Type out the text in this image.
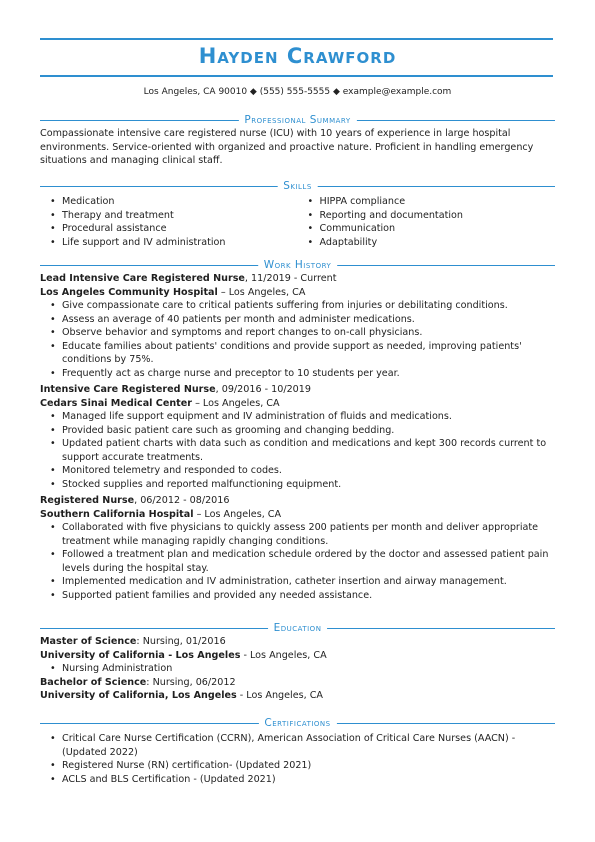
Hayden Crawford
Los Angeles, CA 90010 ◆ (555) 555-5555 ◆ example@example.com
Professional Summary
Compassionate intensive care registered nurse (ICU) with 10 years of experience in large hospital environments. Service-oriented with organized and proactive nature. Proficient in handling emergency situations and managing clinical staff.
Skills
• Medication
• Therapy and treatment
• Procedural assistance
• Life support and IV administration
• HIPPA compliance
• Reporting and documentation
• Communication
• Adaptability
Work History
Lead Intensive Care Registered Nurse, 11/2019 - Current
Los Angeles Community Hospital – Los Angeles, CA
• Give compassionate care to critical patients suffering from injuries or debilitating conditions.
• Assess an average of 40 patients per month and administer medications.
• Observe behavior and symptoms and report changes to on-call physicians.
• Educate families about patients' conditions and provide support as needed, improving patients' conditions by 75%.
• Frequently act as charge nurse and preceptor to 10 students per year.
Intensive Care Registered Nurse, 09/2016 - 10/2019
Cedars Sinai Medical Center – Los Angeles, CA
• Managed life support equipment and IV administration of fluids and medications.
• Provided basic patient care such as grooming and changing bedding.
• Updated patient charts with data such as condition and medications and kept 300 records current to support accurate treatments.
• Monitored telemetry and responded to codes.
• Stocked supplies and reported malfunctioning equipment.
Registered Nurse, 06/2012 - 08/2016
Southern California Hospital – Los Angeles, CA
• Collaborated with five physicians to quickly assess 200 patients per month and deliver appropriate treatment while managing rapidly changing conditions.
• Followed a treatment plan and medication schedule ordered by the doctor and assessed patient pain levels during the hospital stay.
• Implemented medication and IV administration, catheter insertion and airway management.
• Supported patient families and provided any needed assistance.
Education
Master of Science: Nursing, 01/2016
University of California - Los Angeles - Los Angeles, CA
• Nursing Administration
Bachelor of Science: Nursing, 06/2012
University of California, Los Angeles - Los Angeles, CA
Certifications
• Critical Care Nurse Certification (CCRN), American Association of Critical Care Nurses (AACN) - (Updated 2022)
• Registered Nurse (RN) certification- (Updated 2021)
• ACLS and BLS Certification - (Updated 2021)
